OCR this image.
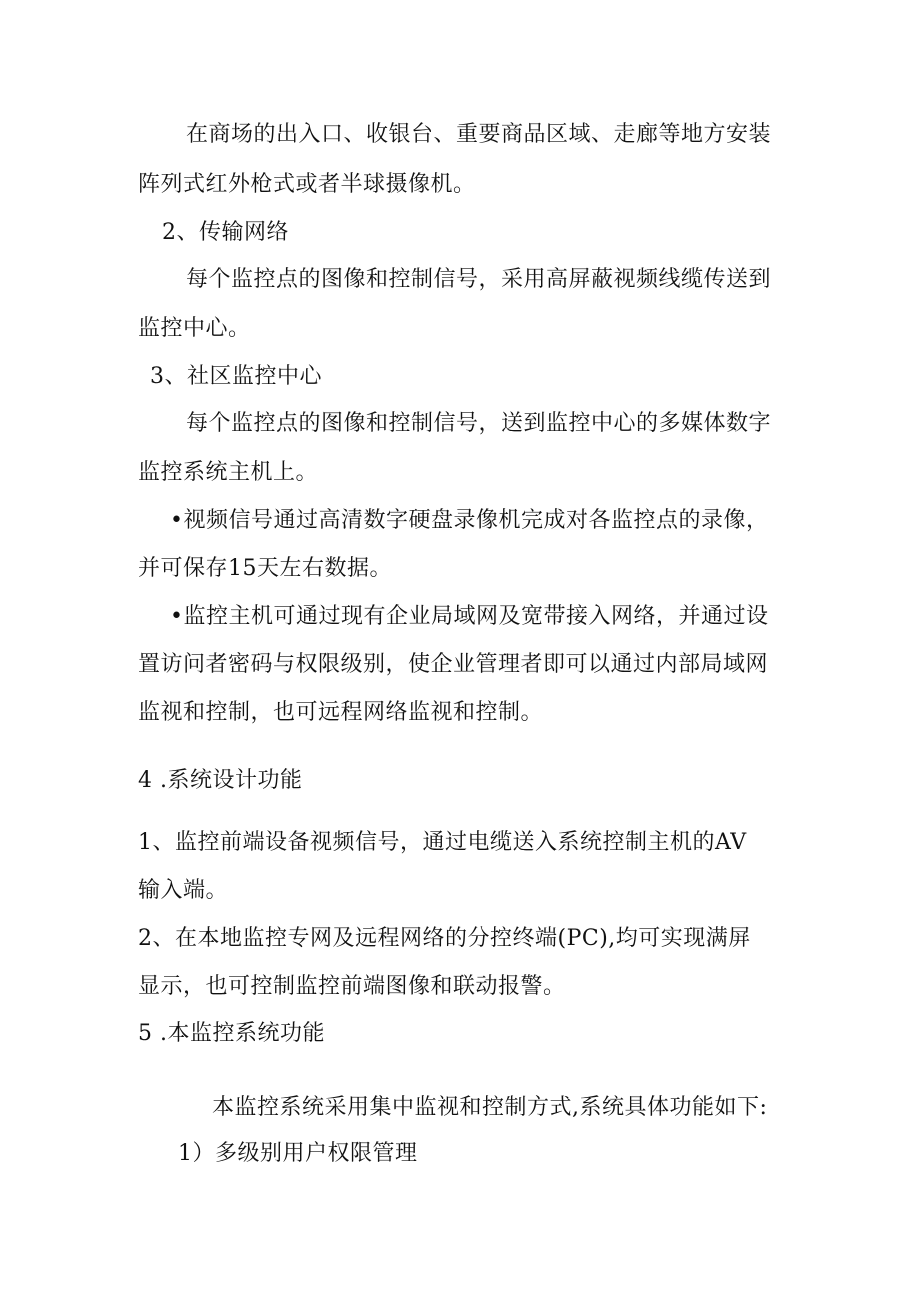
在商场的出入口、收银台、重要商品区域、走廊等地方安装
阵列式红外枪式或者半球摄像机。
2、传输网络
每个监控点的图像和控制信号，采用高屏蔽视频线缆传送到
监控中心。
3、社区监控中心
每个监控点的图像和控制信号，送到监控中心的多媒体数字
监控系统主机上。
•视频信号通过高清数字硬盘录像机完成对各监控点的录像，
并可保存15天左右数据。
•监控主机可通过现有企业局域网及宽带接入网络，并通过设
置访问者密码与权限级别，使企业管理者即可以通过内部局域网
监视和控制，也可远程网络监视和控制。
4 .系统设计功能
1、监控前端设备视频信号，通过电缆送入系统控制主机的AV
输入端。
2、在本地监控专网及远程网络的分控终端(PC),均可实现满屏
显示，也可控制监控前端图像和联动报警。
5 .本监控系统功能
本监控系统采用集中监视和控制方式,系统具体功能如下:
1）多级别用户权限管理
